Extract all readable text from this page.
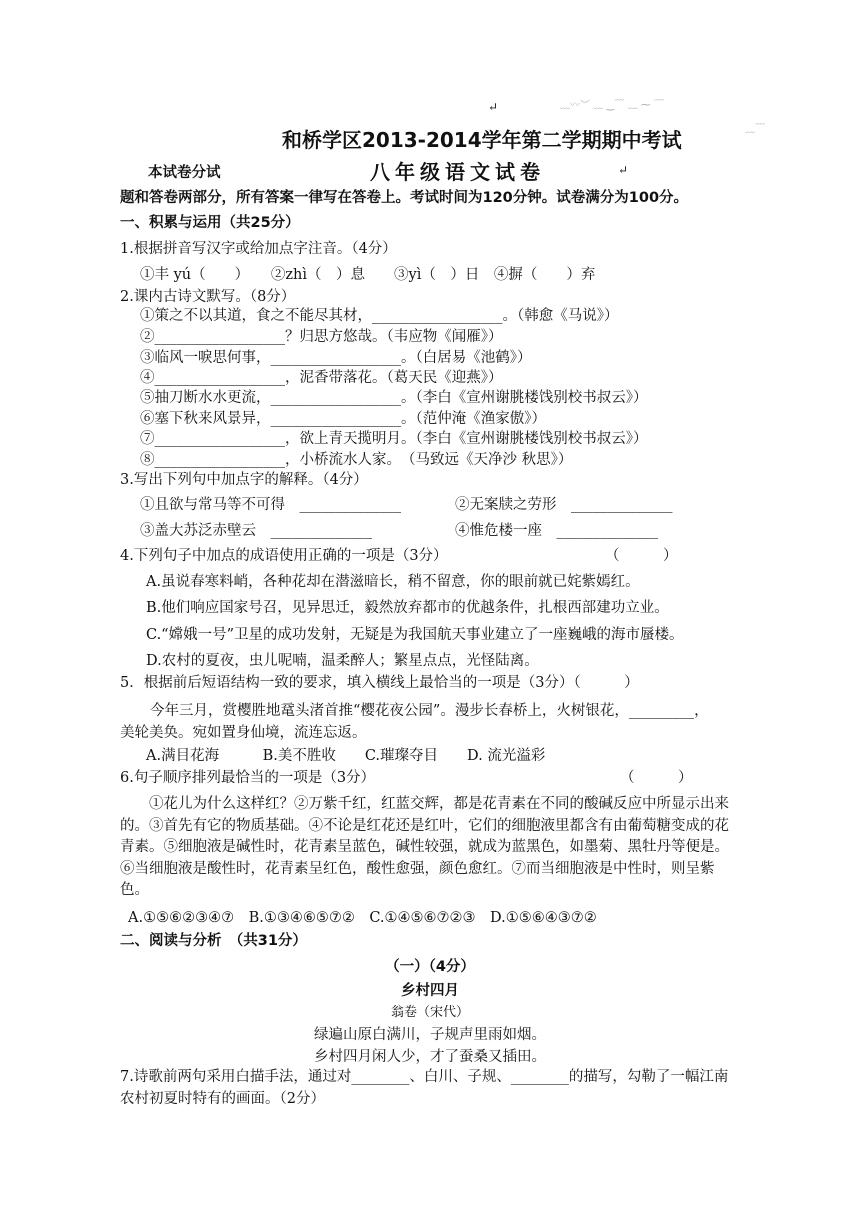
﹏〰︶ ﹏ ‿﹋ ﹏ ⁓ ﹋
﹏﹋
↵
↵
和桥学区2013-2014学年第二学期期中考试
八年级语文试卷
本试卷分试
题和答卷两部分，所有答案一律写在答卷上。考试时间为120分钟。试卷满分为100分。
一、积累与运用（共25分）
1.根据拼音写汉字或给加点字注音。（4分）
①丰 yú（　　）　　②zhì（　）息　　③yì（　）日　④摒（　　）弃
2.课内古诗文默写。（8分）
①策之不以其道，食之不能尽其材，__________________。（韩愈《马说》）
②__________________？归思方悠哉。（韦应物《闻雁》）
③临风一唳思何事，__________________。（白居易《池鹤》）
④__________________，泥香带落花。（葛天民《迎燕》）
⑤抽刀断水水更流，__________________。（李白《宣州谢朓楼饯别校书叔云》）
⑥塞下秋来风景异，__________________。（范仲淹《渔家傲》）
⑦__________________，欲上青天揽明月。（李白《宣州谢朓楼饯别校书叔云》）
⑧__________________，小桥流水人家。　（马致远《天净沙 秋思》）
3.写出下列句中加点字的解释。（4分）
①且欲与常马等不可得　______________	②无案牍之劳形　______________
③盖大苏泛赤壁云　______________	④惟危楼一座　______________
4.下列句子中加点的成语使用正确的一项是（3分）	（　　　）
A.虽说春寒料峭，各种花却在潜滋暗长，稍不留意，你的眼前就已姹紫嫣红。
B.他们响应国家号召，见异思迁，毅然放弃都市的优越条件，扎根西部建功立业。
C.“嫦娥一号”卫星的成功发射，无疑是为我国航天事业建立了一座巍峨的海市蜃楼。
D.农村的夏夜，虫儿呢喃，温柔醉人；繁星点点，光怪陆离。
5．根据前后短语结构一致的要求，填入横线上最恰当的一项是（3分）（　　　）
今年三月，赏樱胜地鼋头渚首推“樱花夜公园”。漫步长春桥上，火树银花，_________，
美轮美奂。宛如置身仙境，流连忘返。
A.满目花海　　　B.美不胜收　　C.璀璨夺目　　D. 流光溢彩
6.句子顺序排列最恰当的一项是（3分）	（　　　）
①花儿为什么这样红？②万紫千红，红蓝交辉，都是花青素在不同的酸碱反应中所显示出来的。③首先有它的物质基础。④不论是红花还是红叶，它们的细胞液里都含有由葡萄糖变成的花青素。⑤细胞液是碱性时，花青素呈蓝色，碱性较强，就成为蓝黑色，如墨菊、黑牡丹等便是。⑥当细胞液是酸性时，花青素呈红色，酸性愈强，颜色愈红。⑦而当细胞液是中性时，则呈紫色。
A.①⑤⑥②③④⑦　B.①③④⑥⑤⑦②　C.①④⑤⑥⑦②③　D.①⑤⑥④③⑦②
二、阅读与分析　（共31分）
（一）（4分）
乡村四月
翁卷（宋代）
绿遍山原白满川，子规声里雨如烟。
乡村四月闲人少，才了蚕桑又插田。
7.诗歌前两句采用白描手法，通过对________、白川、子规、________的描写，勾勒了一幅江南农村初夏时特有的画面。（2分）
